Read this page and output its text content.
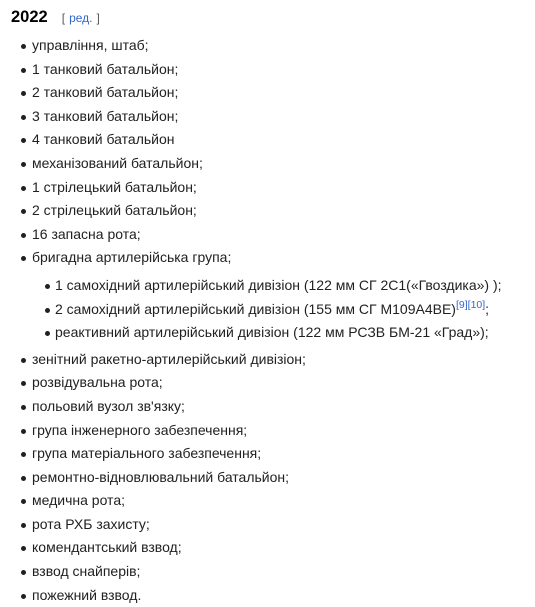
2022 [ ред. ]
управління, штаб;
1 танковий батальйон;
2 танковий батальйон;
3 танковий батальйон;
4 танковий батальйон
механізований батальйон;
1 стрілецький батальйон;
2 стрілецький батальйон;
16 запасна рота;
бригадна артилерійська група;
1 самохідний артилерійський дивізіон (122 мм СГ 2С1(«Гвоздика») );
2 самохідний артилерійський дивізіон (155 мм СГ M109A4BE)[9][10];
реактивний артилерійський дивізіон (122 мм РСЗВ БМ-21 «Град»);
зенітний ракетно-артилерійський дивізіон;
розвідувальна рота;
польовий вузол зв'язку;
група інженерного забезпечення;
група матеріального забезпечення;
ремонтно-відновлювальний батальйон;
медична рота;
рота РХБ захисту;
комендантський взвод;
взвод снайперів;
пожежний взвод.
